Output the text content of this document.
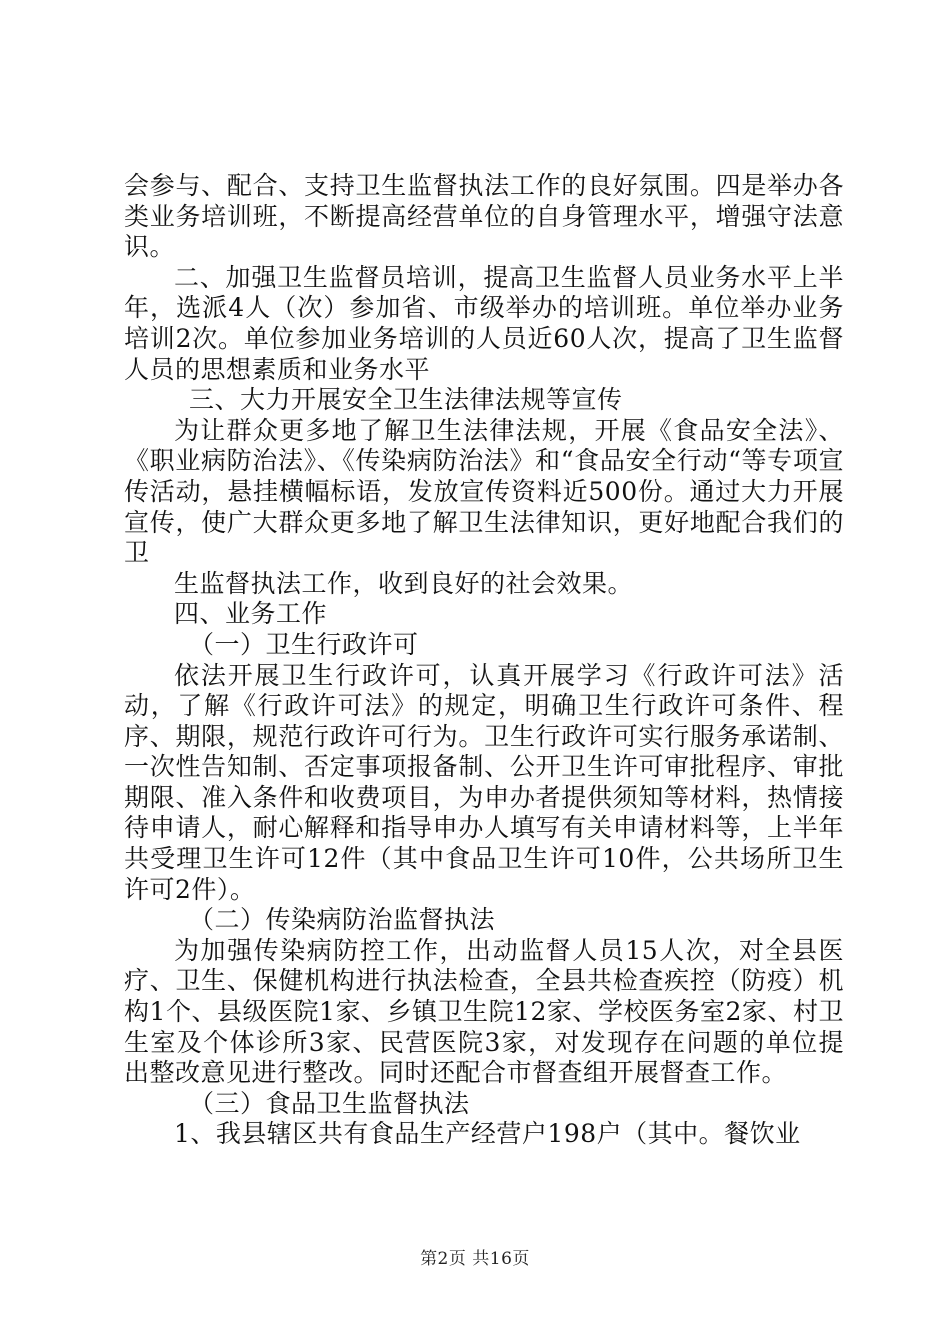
会参与、配合、支持卫生监督执法工作的良好氛围。四是举办各类业务培训班，不断提高经营单位的自身管理水平，增强守法意识。

二、加强卫生监督员培训，提高卫生监督人员业务水平上半年，选派4人（次）参加省、市级举办的培训班。单位举办业务培训2次。单位参加业务培训的人员近60人次，提高了卫生监督人员的思想素质和业务水平

三、大力开展安全卫生法律法规等宣传

为让群众更多地了解卫生法律法规，开展《食品安全法》、《职业病防治法》、《传染病防治法》和“食品安全行动“等专项宣传活动，悬挂横幅标语，发放宣传资料近500份。通过大力开展宣传，使广大群众更多地了解卫生法律知识，更好地配合我们的卫

生监督执法工作，收到良好的社会效果。

四、业务工作

（一）卫生行政许可

依法开展卫生行政许可，认真开展学习《行政许可法》活动，了解《行政许可法》的规定，明确卫生行政许可条件、程序、期限，规范行政许可行为。卫生行政许可实行服务承诺制、一次性告知制、否定事项报备制、公开卫生许可审批程序、审批期限、准入条件和收费项目，为申办者提供须知等材料，热情接待申请人，耐心解释和指导申办人填写有关申请材料等，上半年共受理卫生许可12件（其中食品卫生许可10件，公共场所卫生许可2件）。

（二）传染病防治监督执法

为加强传染病防控工作，出动监督人员15人次，对全县医疗、卫生、保健机构进行执法检查，全县共检查疾控（防疫）机构1个、县级医院1家、乡镇卫生院12家、学校医务室2家、村卫生室及个体诊所3家、民营医院3家，对发现存在问题的单位提出整改意见进行整改。同时还配合市督查组开展督查工作。

（三）食品卫生监督执法

1、我县辖区共有食品生产经营户198户（其中。餐饮业

第2页 共16页
